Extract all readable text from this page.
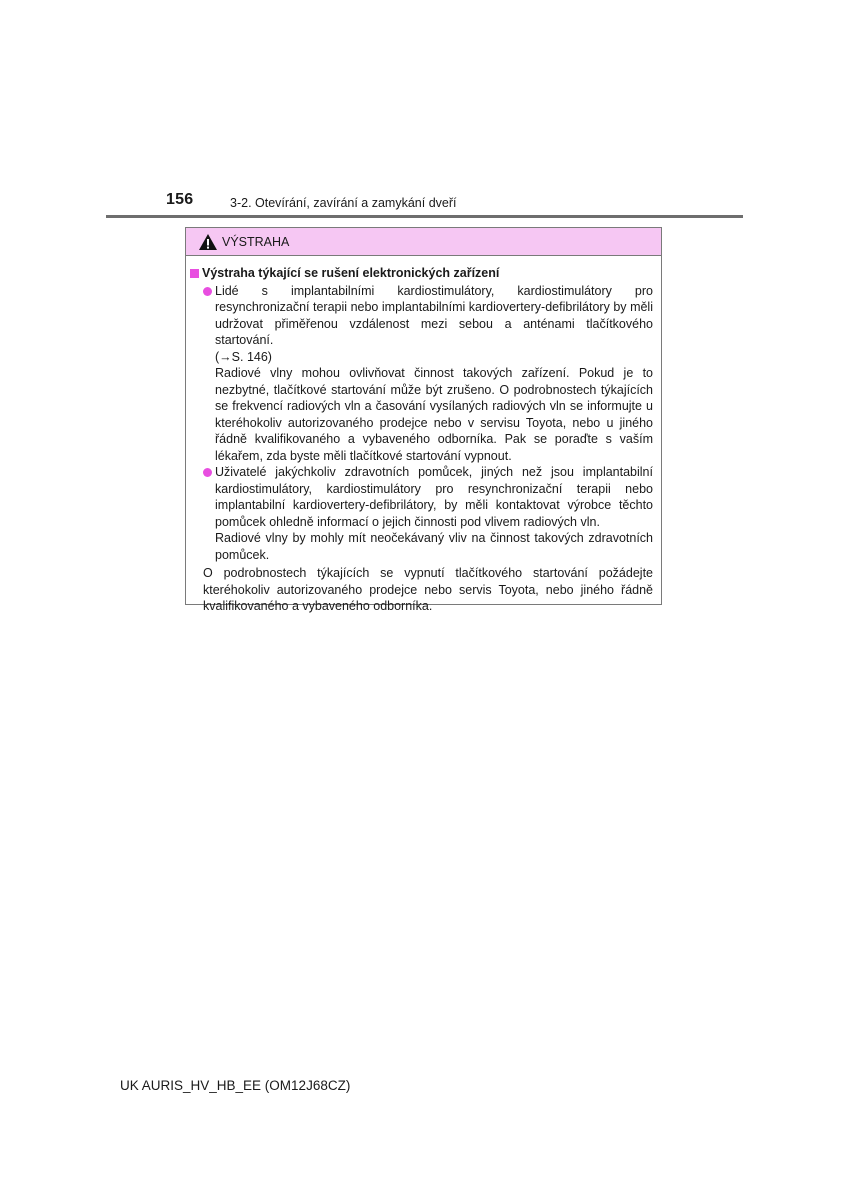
156	3-2. Otevírání, zavírání a zamykání dveří
VÝSTRAHA
Výstraha týkající se rušení elektronických zařízení

Lidé s implantabilními kardiostimulátory, kardiostimulátory pro resynchronizační terapii nebo implantabilními kardiovertery-defibrilátory by měli udržovat přiměřenou vzdálenost mezi sebou a anténami tlačítkového startování.

(→S. 146)

Radiové vlny mohou ovlivňovat činnost takových zařízení. Pokud je to nezbytné, tlačítkové startování může být zrušeno. O podrobnostech týkajících se frekvencí radiových vln a časování vysílaných radiových vln se informujte u kteréhokoliv autorizovaného prodejce nebo v servisu Toyota, nebo u jiného řádně kvalifikovaného a vybaveného odborníka. Pak se poraďte s vaším lékařem, zda byste měli tlačítkové startování vypnout.

Uživatelé jakýchkoliv zdravotních pomůcek, jiných než jsou implantabilní kardiostimulátory, kardiostimulátory pro resynchronizační terapii nebo implantabilní kardiovertery-defibrilátory, by měli kontaktovat výrobce těchto pomůcek ohledně informací o jejich činnosti pod vlivem radiových vln.

Radiové vlny by mohly mít neočekávaný vliv na činnost takových zdravotních pomůcek.

O podrobnostech týkajících se vypnutí tlačítkového startování požádejte kteréhokoliv autorizovaného prodejce nebo servis Toyota, nebo jiného řádně kvalifikovaného a vybaveného odborníka.

UK AURIS_HV_HB_EE (OM12J68CZ)
